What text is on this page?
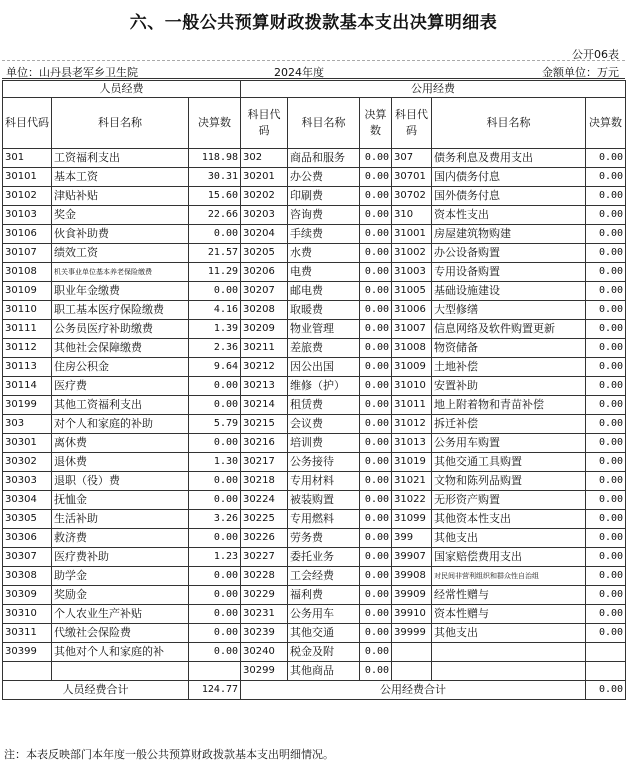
六、一般公共预算财政拨款基本支出决算明细表
公开06表
单位：山丹县老军乡卫生院	2024年度	金额单位：万元
人员经费			公用经费					
科目代码	科目名称	决算数	科目代码	科目名称	决算数	科目代码	科目名称	决算数
301	工资福利支出	118.98	302	商品和服务	0.00	307	债务利息及费用支出	0.00
30101	基本工资	30.31	30201	办公费	0.00	30701	国内债务付息	0.00
30102	津贴补贴	15.60	30202	印刷费	0.00	30702	国外债务付息	0.00
30103	奖金	22.66	30203	咨询费	0.00	310	资本性支出	0.00
30106	伙食补助费	0.00	30204	手续费	0.00	31001	房屋建筑物购建	0.00
30107	绩效工资	21.57	30205	水费	0.00	31002	办公设备购置	0.00
30108	机关事业单位基本养老保险缴费	11.29	30206	电费	0.00	31003	专用设备购置	0.00
30109	职业年金缴费	0.00	30207	邮电费	0.00	31005	基础设施建设	0.00
30110	职工基本医疗保险缴费	4.16	30208	取暖费	0.00	31006	大型修缮	0.00
30111	公务员医疗补助缴费	1.39	30209	物业管理	0.00	31007	信息网络及软件购置更新	0.00
30112	其他社会保障缴费	2.36	30211	差旅费	0.00	31008	物资储备	0.00
30113	住房公积金	9.64	30212	因公出国	0.00	31009	土地补偿	0.00
30114	医疗费	0.00	30213	维修（护）	0.00	31010	安置补助	0.00
30199	其他工资福利支出	0.00	30214	租赁费	0.00	31011	地上附着物和青苗补偿	0.00
303	对个人和家庭的补助	5.79	30215	会议费	0.00	31012	拆迁补偿	0.00
30301	离休费	0.00	30216	培训费	0.00	31013	公务用车购置	0.00
30302	退休费	1.30	30217	公务接待	0.00	31019	其他交通工具购置	0.00
30303	退职（役）费	0.00	30218	专用材料	0.00	31021	文物和陈列品购置	0.00
30304	抚恤金	0.00	30224	被装购置	0.00	31022	无形资产购置	0.00
30305	生活补助	3.26	30225	专用燃料	0.00	31099	其他资本性支出	0.00
30306	救济费	0.00	30226	劳务费	0.00	399	其他支出	0.00
30307	医疗费补助	1.23	30227	委托业务	0.00	39907	国家赔偿费用支出	0.00
30308	助学金	0.00	30228	工会经费	0.00	39908	对民间非营利组织和群众性自治组	0.00
30309	奖励金	0.00	30229	福利费	0.00	39909	经常性赠与	0.00
30310	个人农业生产补贴	0.00	30231	公务用车	0.00	39910	资本性赠与	0.00
30311	代缴社会保险费	0.00	30239	其他交通	0.00	39999	其他支出	0.00
30399	其他对个人和家庭的补	0.00	30240	税金及附	0.00			
			30299	其他商品	0.00			
人员经费合计		124.77	公用经费合计					0.00
注：本表反映部门本年度一般公共预算财政拨款基本支出明细情况。
